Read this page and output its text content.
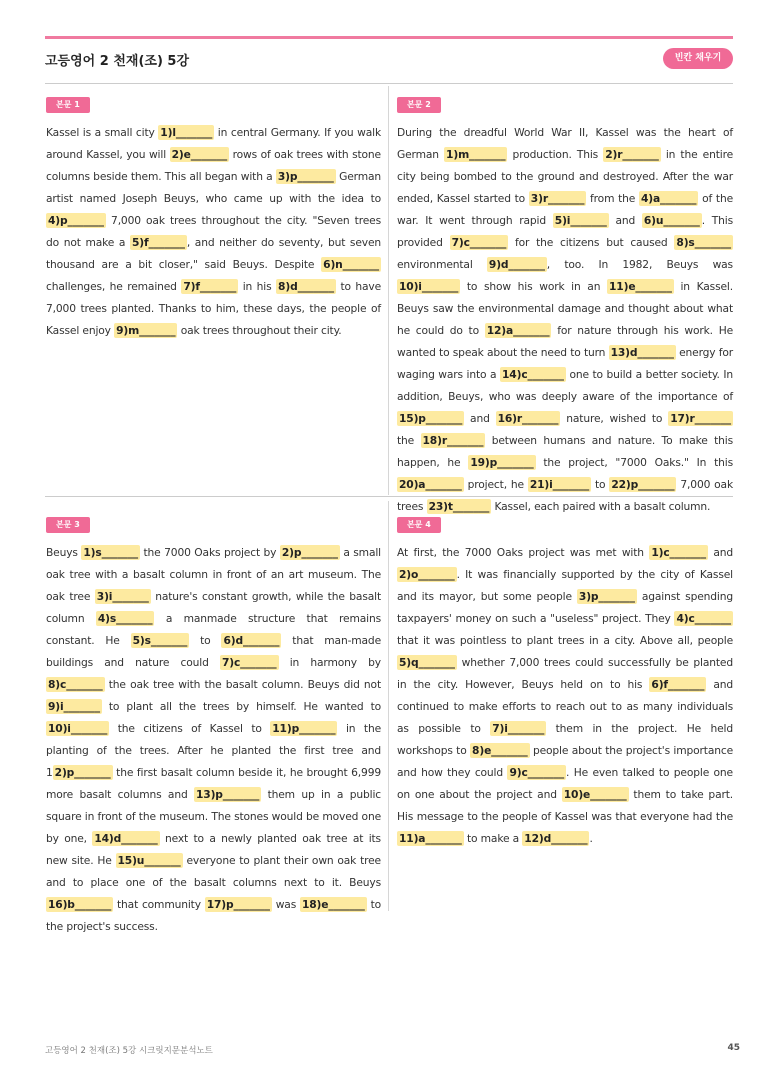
고등영어 2 천재(조) 5강	빈칸 채우기
본문 1
Kassel is a small city 1)l_______ in central Germany. If you walk around Kassel, you will 2)e_______ rows of oak trees with stone columns beside them. This all began with a 3)p_______ German artist named Joseph Beuys, who came up with the idea to 4)p_______ 7,000 oak trees throughout the city. "Seven trees do not make a 5)f_______ , and neither do seventy, but seven thousand are a bit closer," said Beuys. Despite 6)n_______ challenges, he remained 7)f_______ in his 8)d_______ to have 7,000 trees planted. Thanks to him, these days, the people of Kassel enjoy 9)m_______ oak trees throughout their city.
본문 2
During the dreadful World War II, Kassel was the heart of German 1)m_______ production. This 2)r_______ in the entire city being bombed to the ground and destroyed. After the war ended, Kassel started to 3)r_______ from the 4)a_______ of the war. It went through rapid 5)i_______ and 6)u_______ . This provided 7)c_______ for the citizens but caused 8)s_______ environmental 9)d_______ , too. In 1982, Beuys was 10)i_______ to show his work in an 11)e_______ in Kassel. Beuys saw the environmental damage and thought about what he could do to 12)a_______ for nature through his work. He wanted to speak about the need to turn 13)d_______ energy for waging wars into a 14)c_______ one to build a better society. In addition, Beuys, who was deeply aware of the importance of 15)p_______ and 16)r_______ nature, wished to 17)r_______ the 18)r_______ between humans and nature. To make this happen, he 19)p_______ the project, "7000 Oaks." In this 20)a_______ project, he 21)i_______ to 22)p_______ 7,000 oak trees 23)t_______ Kassel, each paired with a basalt column.
본문 3
Beuys 1)s_______ the 7000 Oaks project by 2)p_______ a small oak tree with a basalt column in front of an art museum. The oak tree 3)i_______ nature's constant growth, while the basalt column 4)s_______ a manmade structure that remains constant. He 5)s_______ to 6)d_______ that man-made buildings and nature could 7)c_______ in harmony by 8)c_______ the oak tree with the basalt column. Beuys did not 9)i_______ to plant all the trees by himself. He wanted to 10)i_______ the citizens of Kassel to 11)p_______ in the planting of the trees. After he planted the first tree and 1 2)p_______ the first basalt column beside it, he brought 6,999 more basalt columns and 13)p_______ them up in a public square in front of the museum. The stones would be moved one by one, 14)d_______ next to a newly planted oak tree at its new site. He 15)u_______ everyone to plant their own oak tree and to place one of the basalt columns next to it. Beuys 16)b_______ that community 17)p_______ was 18)e_______ to the project's success.
본문 4
At first, the 7000 Oaks project was met with 1)c_______ and 2)o_______ . It was financially supported by the city of Kassel and its mayor, but some people 3)p_______ against spending taxpayers' money on such a "useless" project. They 4)c_______ that it was pointless to plant trees in a city. Above all, people 5)q_______ whether 7,000 trees could successfully be planted in the city. However, Beuys held on to his 6)f_______ and continued to make efforts to reach out to as many individuals as possible to 7)i_______ them in the project. He held workshops to 8)e_______ people about the project's importance and how they could 9)c_______ . He even talked to people one on one about the project and 10)e_______ them to take part. His message to the people of Kassel was that everyone had the 11)a_______ to make a 12)d_______ .
고등영어 2 천재(조) 5강 시크릿지문분석노트	45
